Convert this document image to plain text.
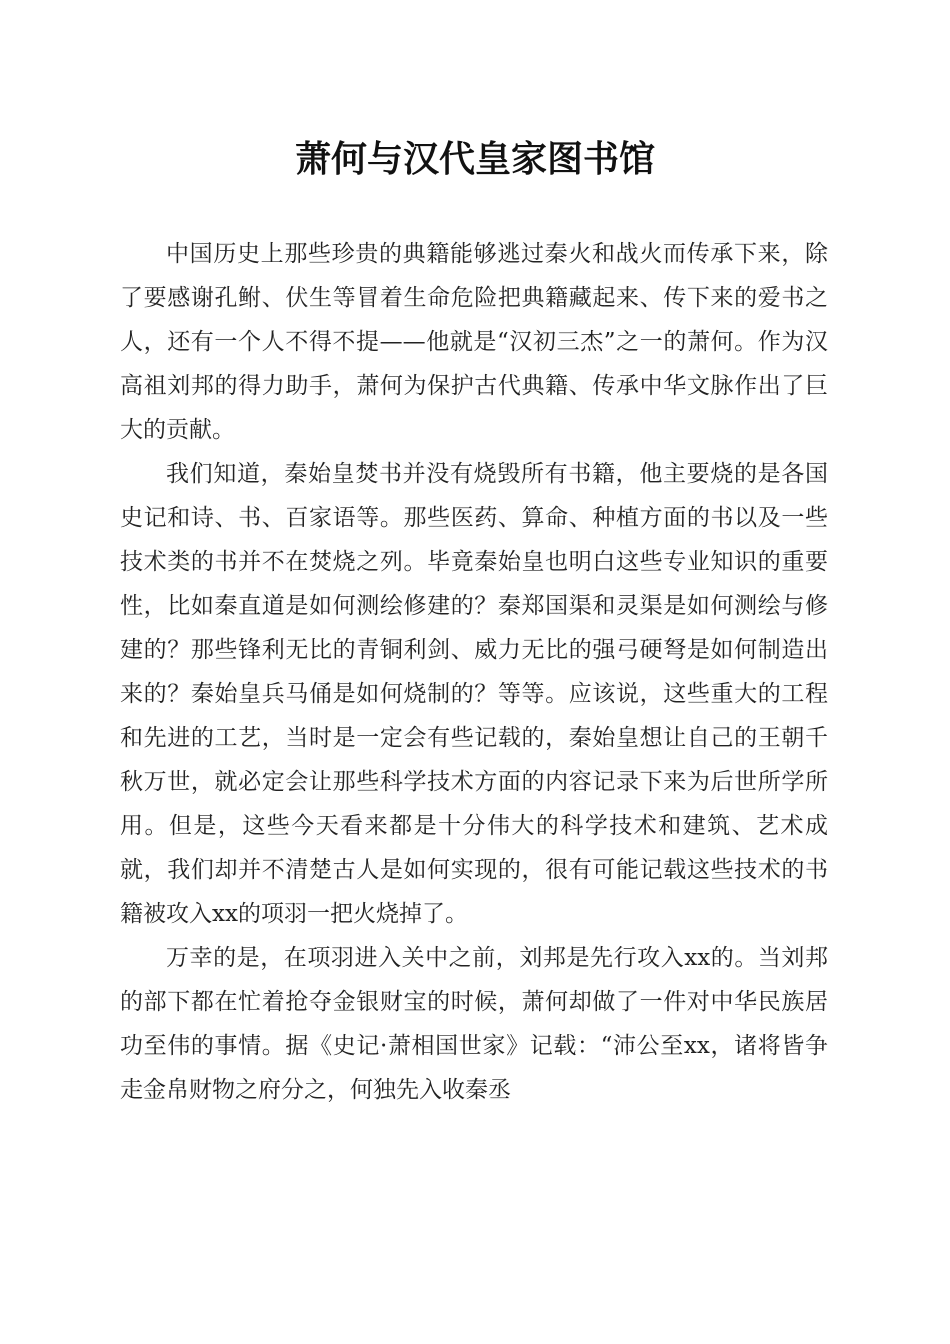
萧何与汉代皇家图书馆

中国历史上那些珍贵的典籍能够逃过秦火和战火而传承下来，除了要感谢孔鲋、伏生等冒着生命危险把典籍藏起来、传下来的爱书之人，还有一个人不得不提——他就是“汉初三杰”之一的萧何。作为汉高祖刘邦的得力助手，萧何为保护古代典籍、传承中华文脉作出了巨大的贡献。

我们知道，秦始皇焚书并没有烧毁所有书籍，他主要烧的是各国史记和诗、书、百家语等。那些医药、算命、种植方面的书以及一些技术类的书并不在焚烧之列。毕竟秦始皇也明白这些专业知识的重要性，比如秦直道是如何测绘修建的？秦郑国渠和灵渠是如何测绘与修建的？那些锋利无比的青铜利剑、威力无比的强弓硬弩是如何制造出来的？秦始皇兵马俑是如何烧制的？等等。应该说，这些重大的工程和先进的工艺，当时是一定会有些记载的，秦始皇想让自己的王朝千秋万世，就必定会让那些科学技术方面的内容记录下来为后世所学所用。但是，这些今天看来都是十分伟大的科学技术和建筑、艺术成就，我们却并不清楚古人是如何实现的，很有可能记载这些技术的书籍被攻入xx的项羽一把火烧掉了。

万幸的是，在项羽进入关中之前，刘邦是先行攻入xx的。当刘邦的部下都在忙着抢夺金银财宝的时候，萧何却做了一件对中华民族居功至伟的事情。据《史记·萧相国世家》记载：“沛公至xx，诸将皆争走金帛财物之府分之，何独先入收秦丞
